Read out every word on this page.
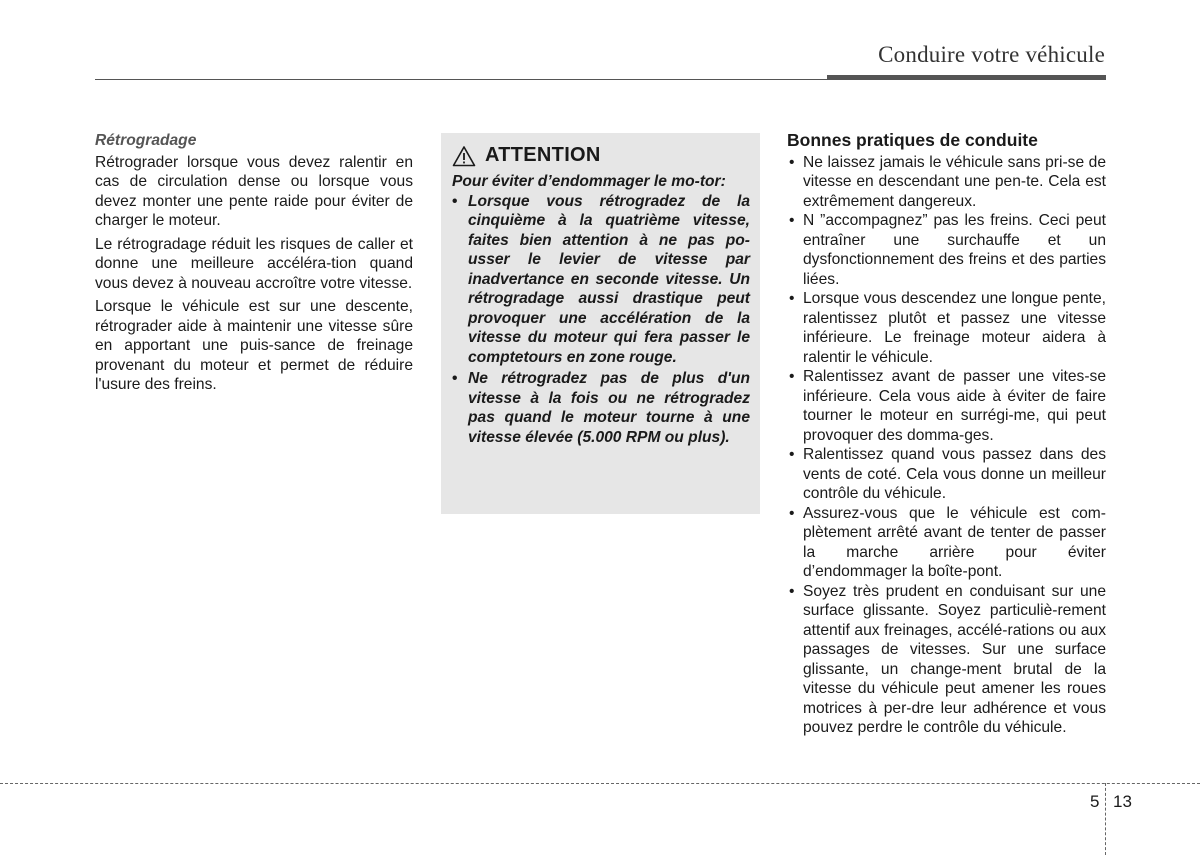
Conduire votre véhicule
Rétrogradage

Rétrograder lorsque vous devez ralentir en cas de circulation dense ou lorsque vous devez monter une pente raide pour éviter de charger le moteur.

Le rétrogradage réduit les risques de caller et donne une meilleure accéléra-tion quand vous devez à nouveau accroître votre vitesse.

Lorsque le véhicule est sur une descente, rétrograder aide à maintenir une vitesse sûre en apportant une puis-sance de freinage provenant du moteur et permet de réduire l'usure des freins.

ATTENTION

Pour éviter d’endommager le mo-tor:

• Lorsque vous rétrogradez de la cinquième à la quatrième vitesse, faites bien attention à ne pas po-usser le levier de vitesse par inadvertance en seconde vitesse. Un rétrogradage aussi drastique peut provoquer une accélération de la vitesse du moteur qui fera passer le comptetours en zone rouge.
• Ne rétrogradez pas de plus d'un vitesse à la fois ou ne rétrogradez pas quand le moteur tourne à une vitesse élevée (5.000 RPM ou plus).
Bonnes pratiques de conduite
• Ne laissez jamais le véhicule sans pri-se de vitesse en descendant une pen-te. Cela est extrêmement dangereux.
• N ”accompagnez” pas les freins. Ceci peut entraîner une surchauffe et un dysfonctionnement des freins et des parties liées.
• Lorsque vous descendez une longue pente, ralentissez plutôt et passez une vitesse inférieure. Le freinage moteur aidera à ralentir le véhicule.
• Ralentissez avant de passer une vites-se inférieure. Cela vous aide à éviter de faire tourner le moteur en surrégi-me, qui peut provoquer des dommа-ges.
• Ralentissez quand vous passez dans des vents de coté. Cela vous donne un meilleur contrôle du véhicule.
• Assurez-vous que le véhicule est com-plètement arrêté avant de tenter de passer la marche arrière pour éviter d’endommager la boîte-pont.
• Soyez très prudent en conduisant sur une surface glissante. Soyez particuliè-rement attentif aux freinages, accélé-rations ou aux passages de vitesses. Sur une surface glissante, un change-ment brutal de la vitesse du véhicule peut amener les roues motrices à per-dre leur adhérence et vous pouvez perdre le contrôle du véhicule.
5 13
